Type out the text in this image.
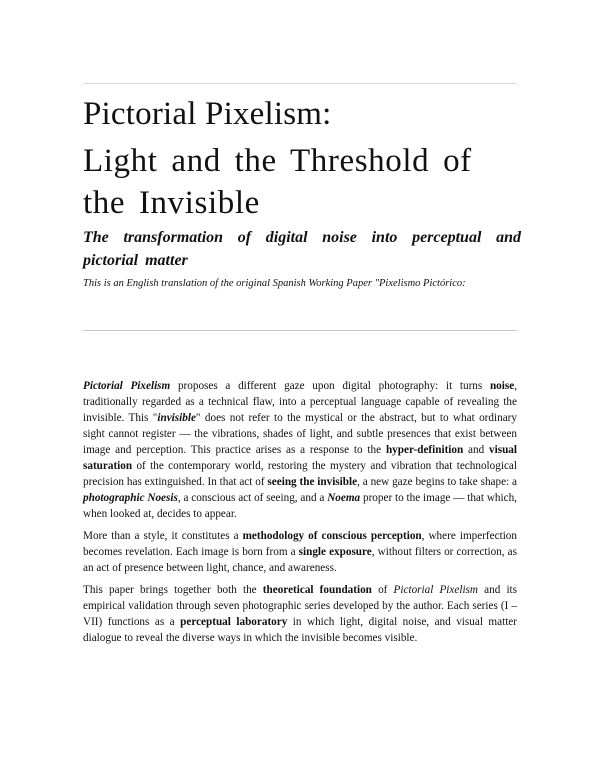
Pictorial Pixelism:
Light and the Threshold of the Invisible
The transformation of digital noise into perceptual and pictorial matter
This is an English translation of the original Spanish Working Paper "Pixelismo Pictórico:

Pictorial Pixelism proposes a different gaze upon digital photography: it turns noise, traditionally regarded as a technical flaw, into a perceptual language capable of revealing the invisible. This "invisible" does not refer to the mystical or the abstract, but to what ordinary sight cannot register — the vibrations, shades of light, and subtle presences that exist between image and perception. This practice arises as a response to the hyper-definition and visual saturation of the contemporary world, restoring the mystery and vibration that technological precision has extinguished. In that act of seeing the invisible, a new gaze begins to take shape: a photographic Noesis, a conscious act of seeing, and a Noema proper to the image — that which, when looked at, decides to appear.

More than a style, it constitutes a methodology of conscious perception, where imperfection becomes revelation. Each image is born from a single exposure, without filters or correction, as an act of presence between light, chance, and awareness.

This paper brings together both the theoretical foundation of Pictorial Pixelism and its empirical validation through seven photographic series developed by the author. Each series (I – VII) functions as a perceptual laboratory in which light, digital noise, and visual matter dialogue to reveal the diverse ways in which the invisible becomes visible.
